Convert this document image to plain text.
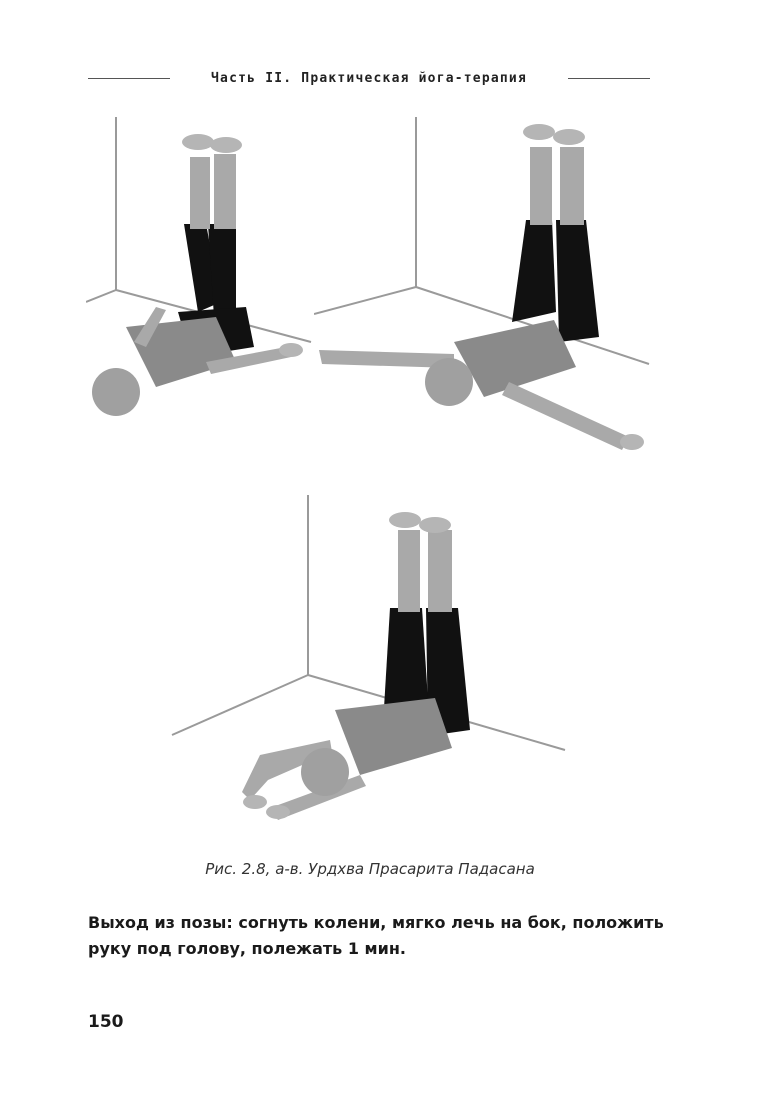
Часть II. Практическая йога-терапия
Рис. 2.8, а-в. Урдхва Прасарита Падасана
Выход из позы: согнуть колени, мягко лечь на бок, положить руку под голову, полежать 1 мин.
150
